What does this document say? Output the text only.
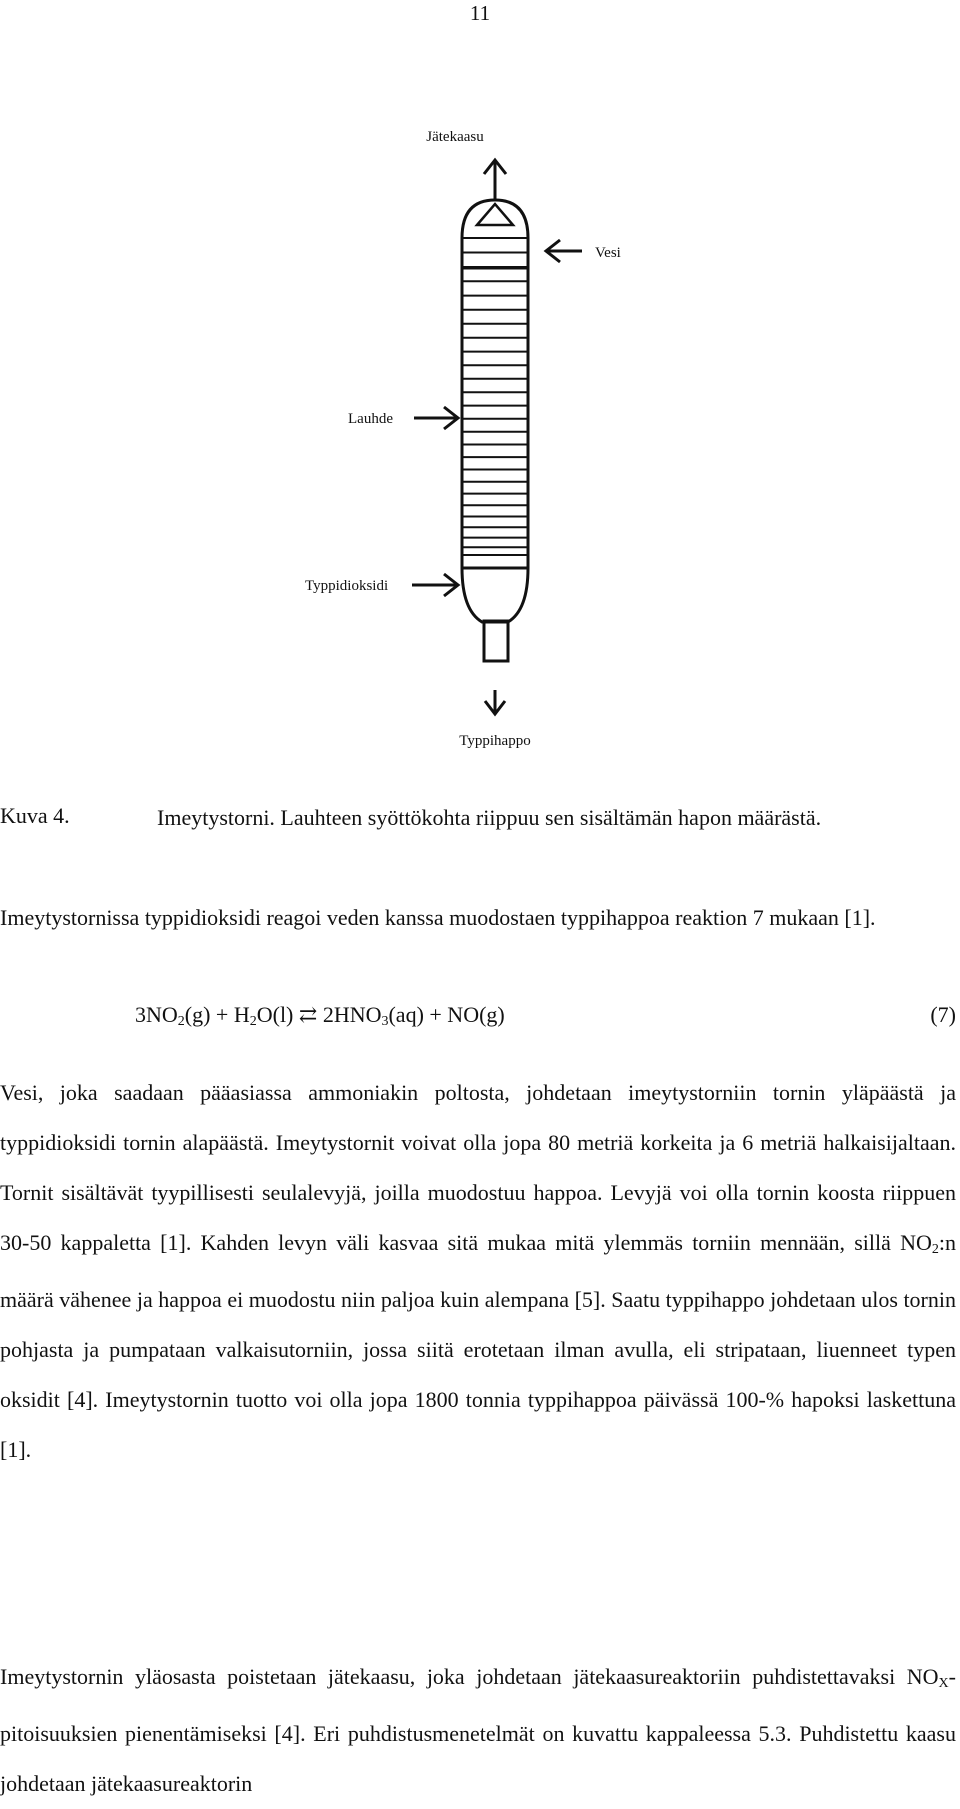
11
Jätekaasu
Vesi
Lauhde
Typpidioksidi
Typpihappo
Kuva 4.	Imeytystorni. Lauhteen syöttökohta riippuu sen sisältämän hapon määrästä.
Imeytystornissa typpidioksidi reagoi veden kanssa muodostaen typpihappoa reaktion 7 mukaan [1].
$3NO_2(g) + H_2O(l)$ ⇄ $2HNO_3(aq) + NO(g)$	(7)
Vesi, joka saadaan pääasiassa ammoniakin poltosta, johdetaan imeytystorniin tornin yläpäästä ja typpidioksidi tornin alapäästä. Imeytystornit voivat olla jopa 80 metriä korkeita ja 6 metriä halkaisijaltaan. Tornit sisältävät tyypillisesti seulalevyjä, joilla muodostuu happoa. Levyjä voi olla tornin koosta riippuen 30-50 kappaletta [1]. Kahden levyn väli kasvaa sitä mukaa mitä ylemmäs torniin mennään, sillä $NO_2:n$ määrä vähenee ja happoa ei muodostu niin paljoa kuin alempana [5]. Saatu typpihappo johdetaan ulos tornin pohjasta ja pumpataan valkaisutorniin, jossa siitä erotetaan ilman avulla, eli stripataan, liuenneet typen oksidit [4]. Imeytystornin tuotto voi olla jopa 1800 tonnia typpihappoa päivässä 100-% hapoksi laskettuna [1].
Imeytystornin yläosasta poistetaan jätekaasu, joka johdetaan jätekaasureaktoriin puhdistettavaksi $NO_X$-pitoisuuksien pienentämiseksi [4]. Eri puhdistusmenetelmät on kuvattu kappaleessa 5.3. Puhdistettu kaasu johdetaan jätekaasureaktorin
